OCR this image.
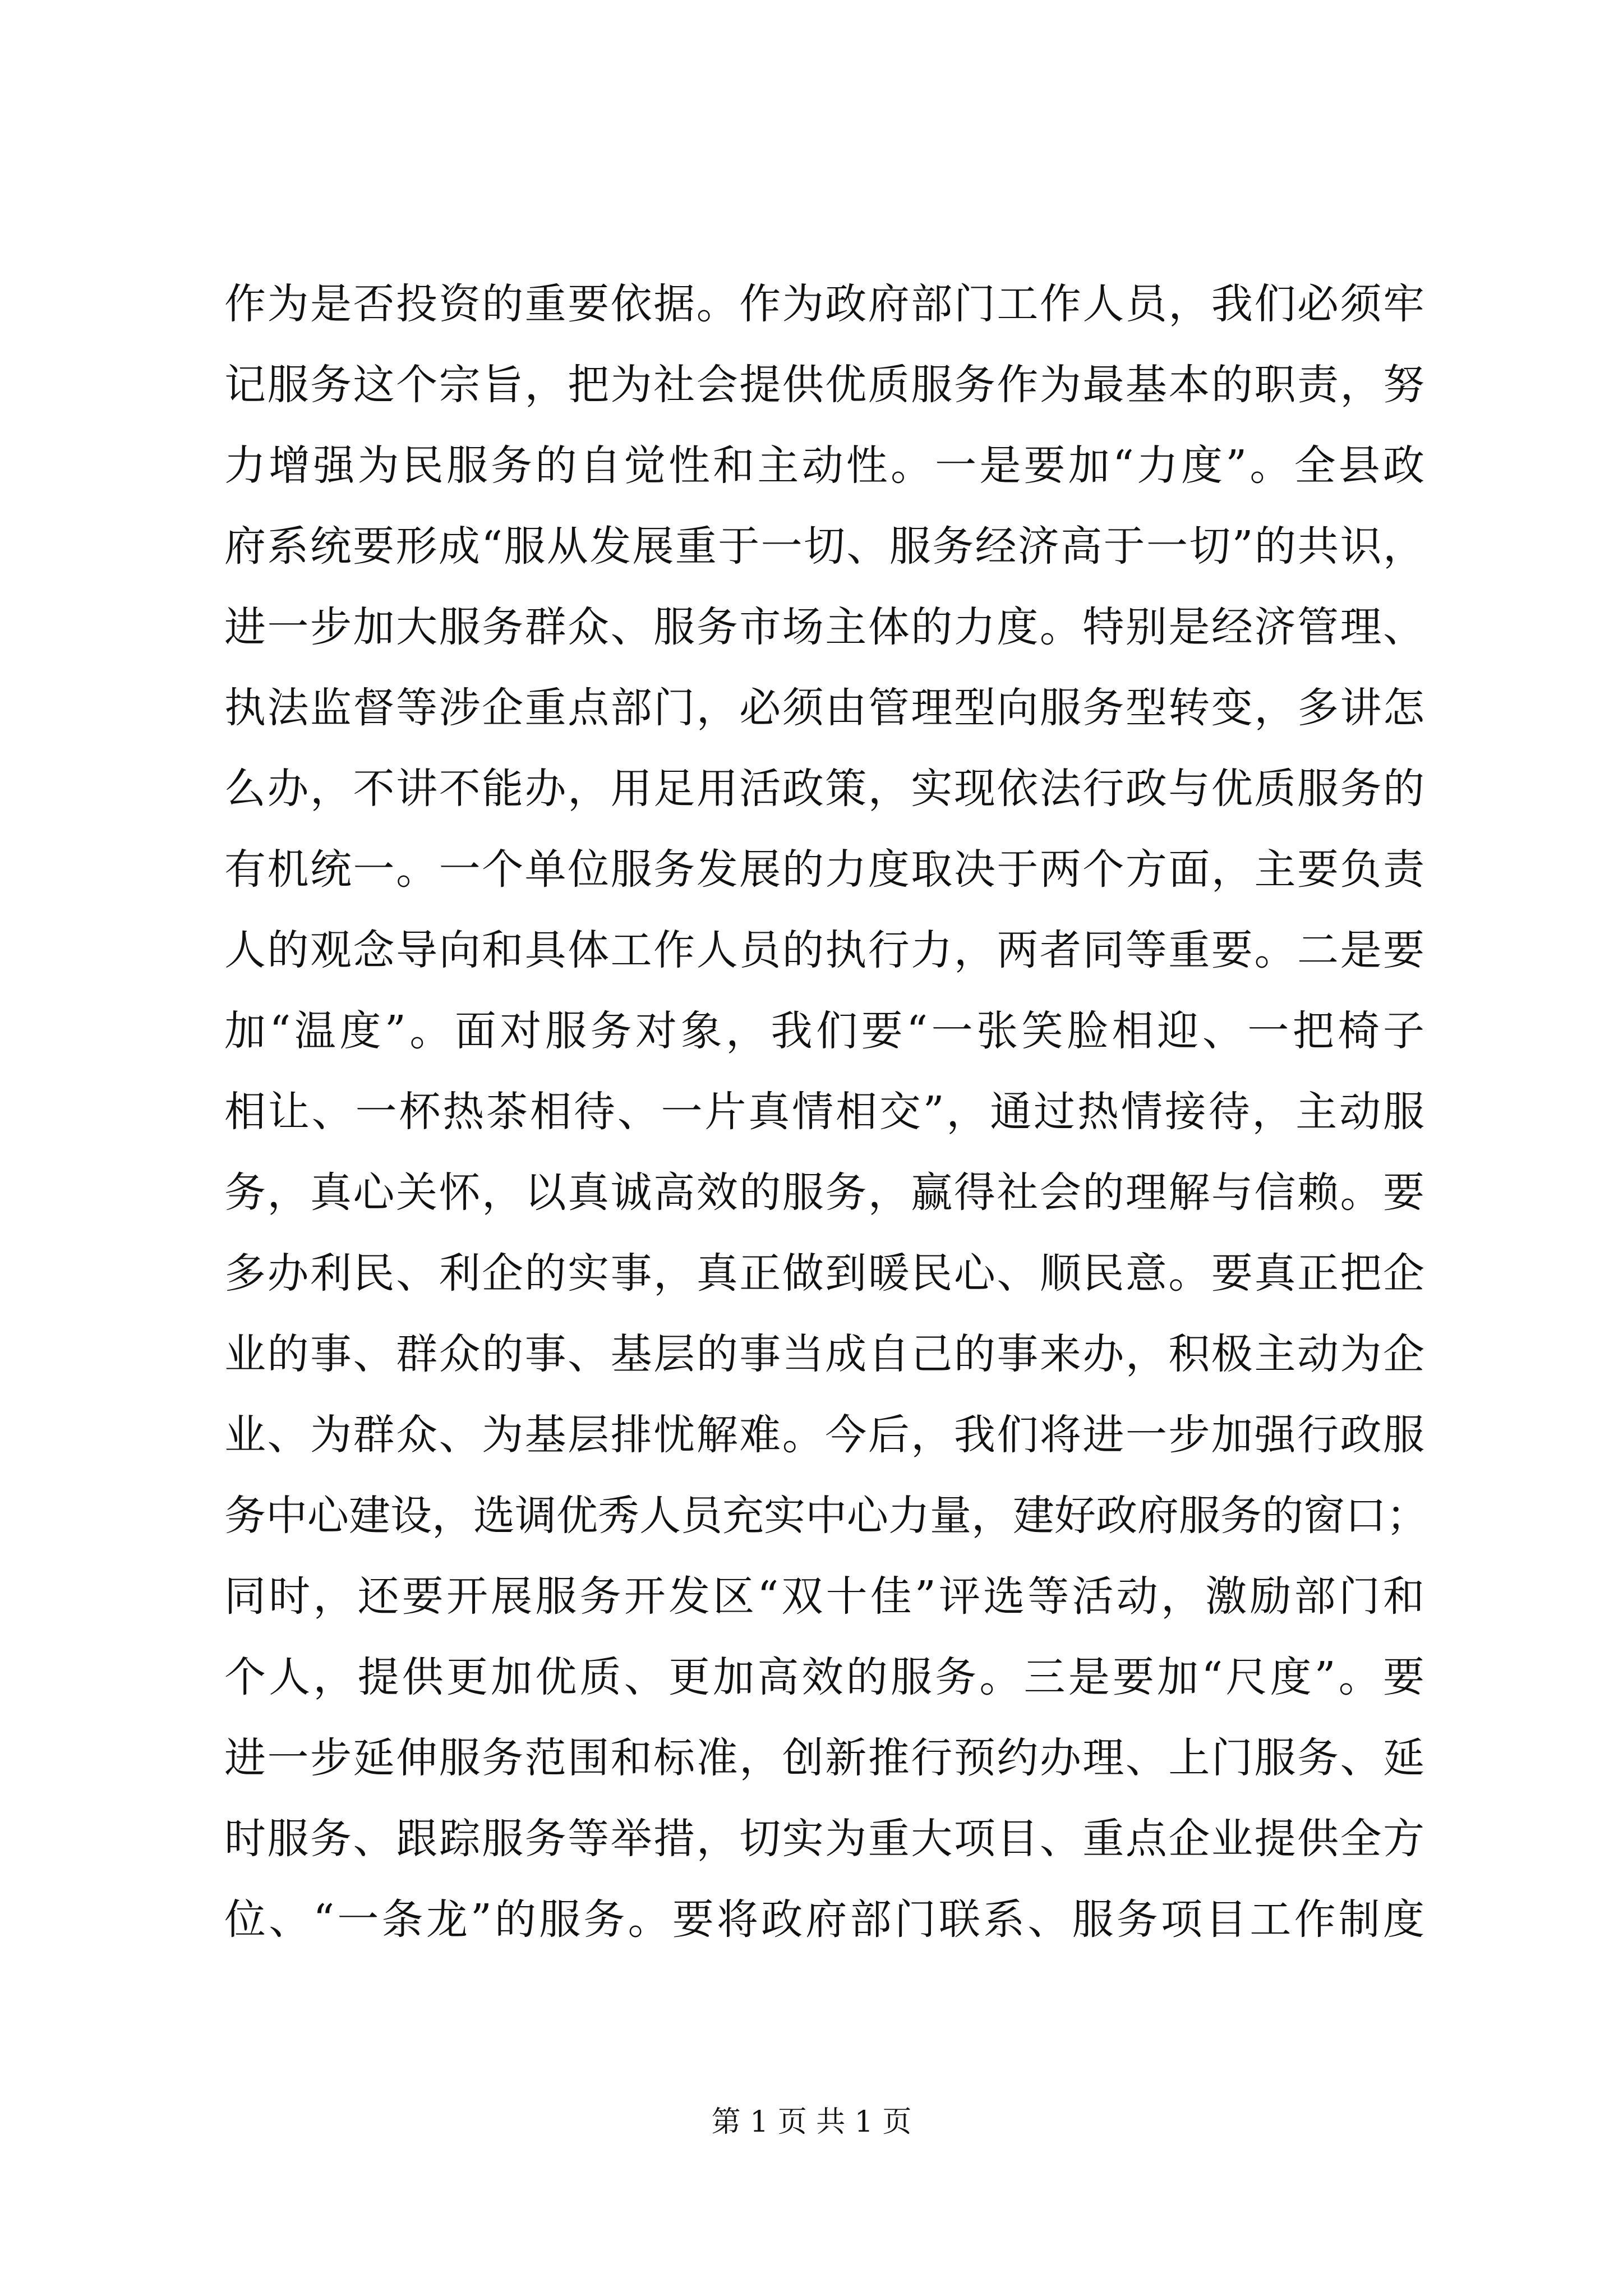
作为是否投资的重要依据。作为政府部门工作人员，我们必须牢
记服务这个宗旨，把为社会提供优质服务作为最基本的职责，努
力增强为民服务的自觉性和主动性。一是要加“力度”。全县政
府系统要形成“服从发展重于一切、服务经济高于一切”的共识，
进一步加大服务群众、服务市场主体的力度。特别是经济管理、
执法监督等涉企重点部门，必须由管理型向服务型转变，多讲怎
么办，不讲不能办，用足用活政策，实现依法行政与优质服务的
有机统一。一个单位服务发展的力度取决于两个方面，主要负责
人的观念导向和具体工作人员的执行力，两者同等重要。二是要
加“温度”。面对服务对象，我们要“一张笑脸相迎、一把椅子
相让、一杯热茶相待、一片真情相交”，通过热情接待，主动服
务，真心关怀，以真诚高效的服务，赢得社会的理解与信赖。要
多办利民、利企的实事，真正做到暖民心、顺民意。要真正把企
业的事、群众的事、基层的事当成自己的事来办，积极主动为企
业、为群众、为基层排忧解难。今后，我们将进一步加强行政服
务中心建设，选调优秀人员充实中心力量，建好政府服务的窗口；
同时，还要开展服务开发区“双十佳”评选等活动，激励部门和
个人，提供更加优质、更加高效的服务。三是要加“尺度”。要
进一步延伸服务范围和标准，创新推行预约办理、上门服务、延
时服务、跟踪服务等举措，切实为重大项目、重点企业提供全方
位、“一条龙”的服务。要将政府部门联系、服务项目工作制度
第 1 页 共 1 页
